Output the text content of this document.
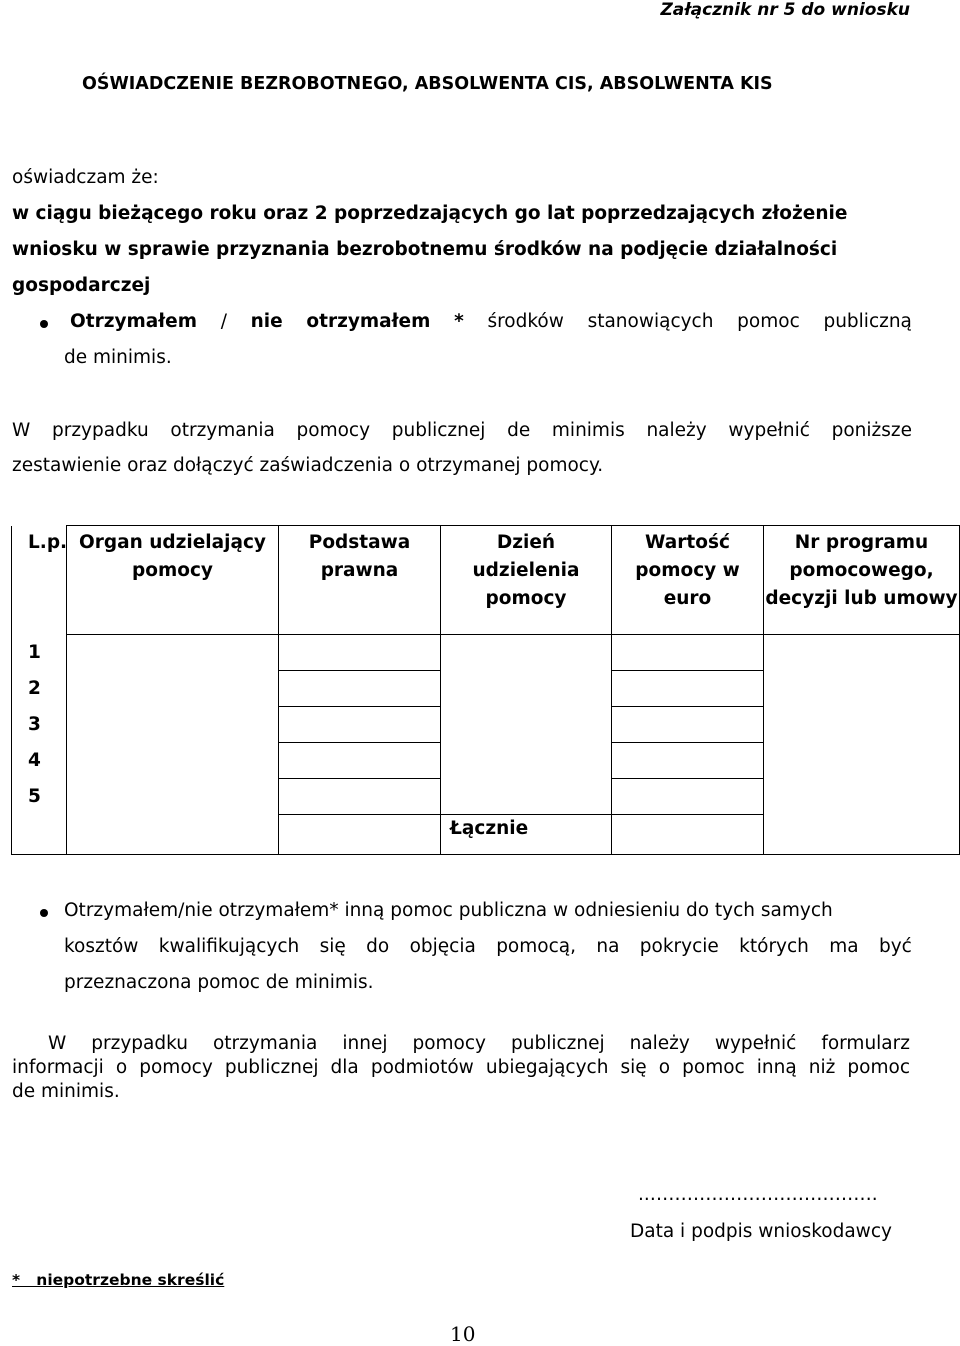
Załącznik nr 5 do wniosku
OŚWIADCZENIE BEZROBOTNEGO, ABSOLWENTA CIS, ABSOLWENTA KIS
oświadczam że:
w ciągu bieżącego roku oraz 2 poprzedzających go lat poprzedzających złożenie
wniosku w sprawie przyznania bezrobotnemu środków na podjęcie działalności
gospodarczej
Otrzymałem / nie otrzymałem * środków stanowiących pomoc publiczną
de minimis.
W przypadku otrzymania pomocy publicznej de minimis należy wypełnić poniższe
zestawienie oraz dołączyć zaświadczenia o otrzymanej pomocy.
L.p.	Organ udzielający pomocy	Podstawa prawna	Dzień udzielenia pomocy	Wartość pomocy w euro	Nr programu pomocowego, decyzji lub umowy
1					
2					
3					
4					
5					
			Łącznie		
Otrzymałem/nie otrzymałem* inną pomoc publiczna w odniesieniu do tych samych
kosztów kwalifikujących się do objęcia pomocą, na pokrycie których ma być
przeznaczona pomoc de minimis.
W przypadku otrzymania innej pomocy publicznej należy wypełnić formularz
informacji o pomocy publicznej dla podmiotów ubiegających się o pomoc inną niż pomoc
de minimis.
..……………………………….
Data i podpis wnioskodawcy
*   niepotrzebne skreślić
10
